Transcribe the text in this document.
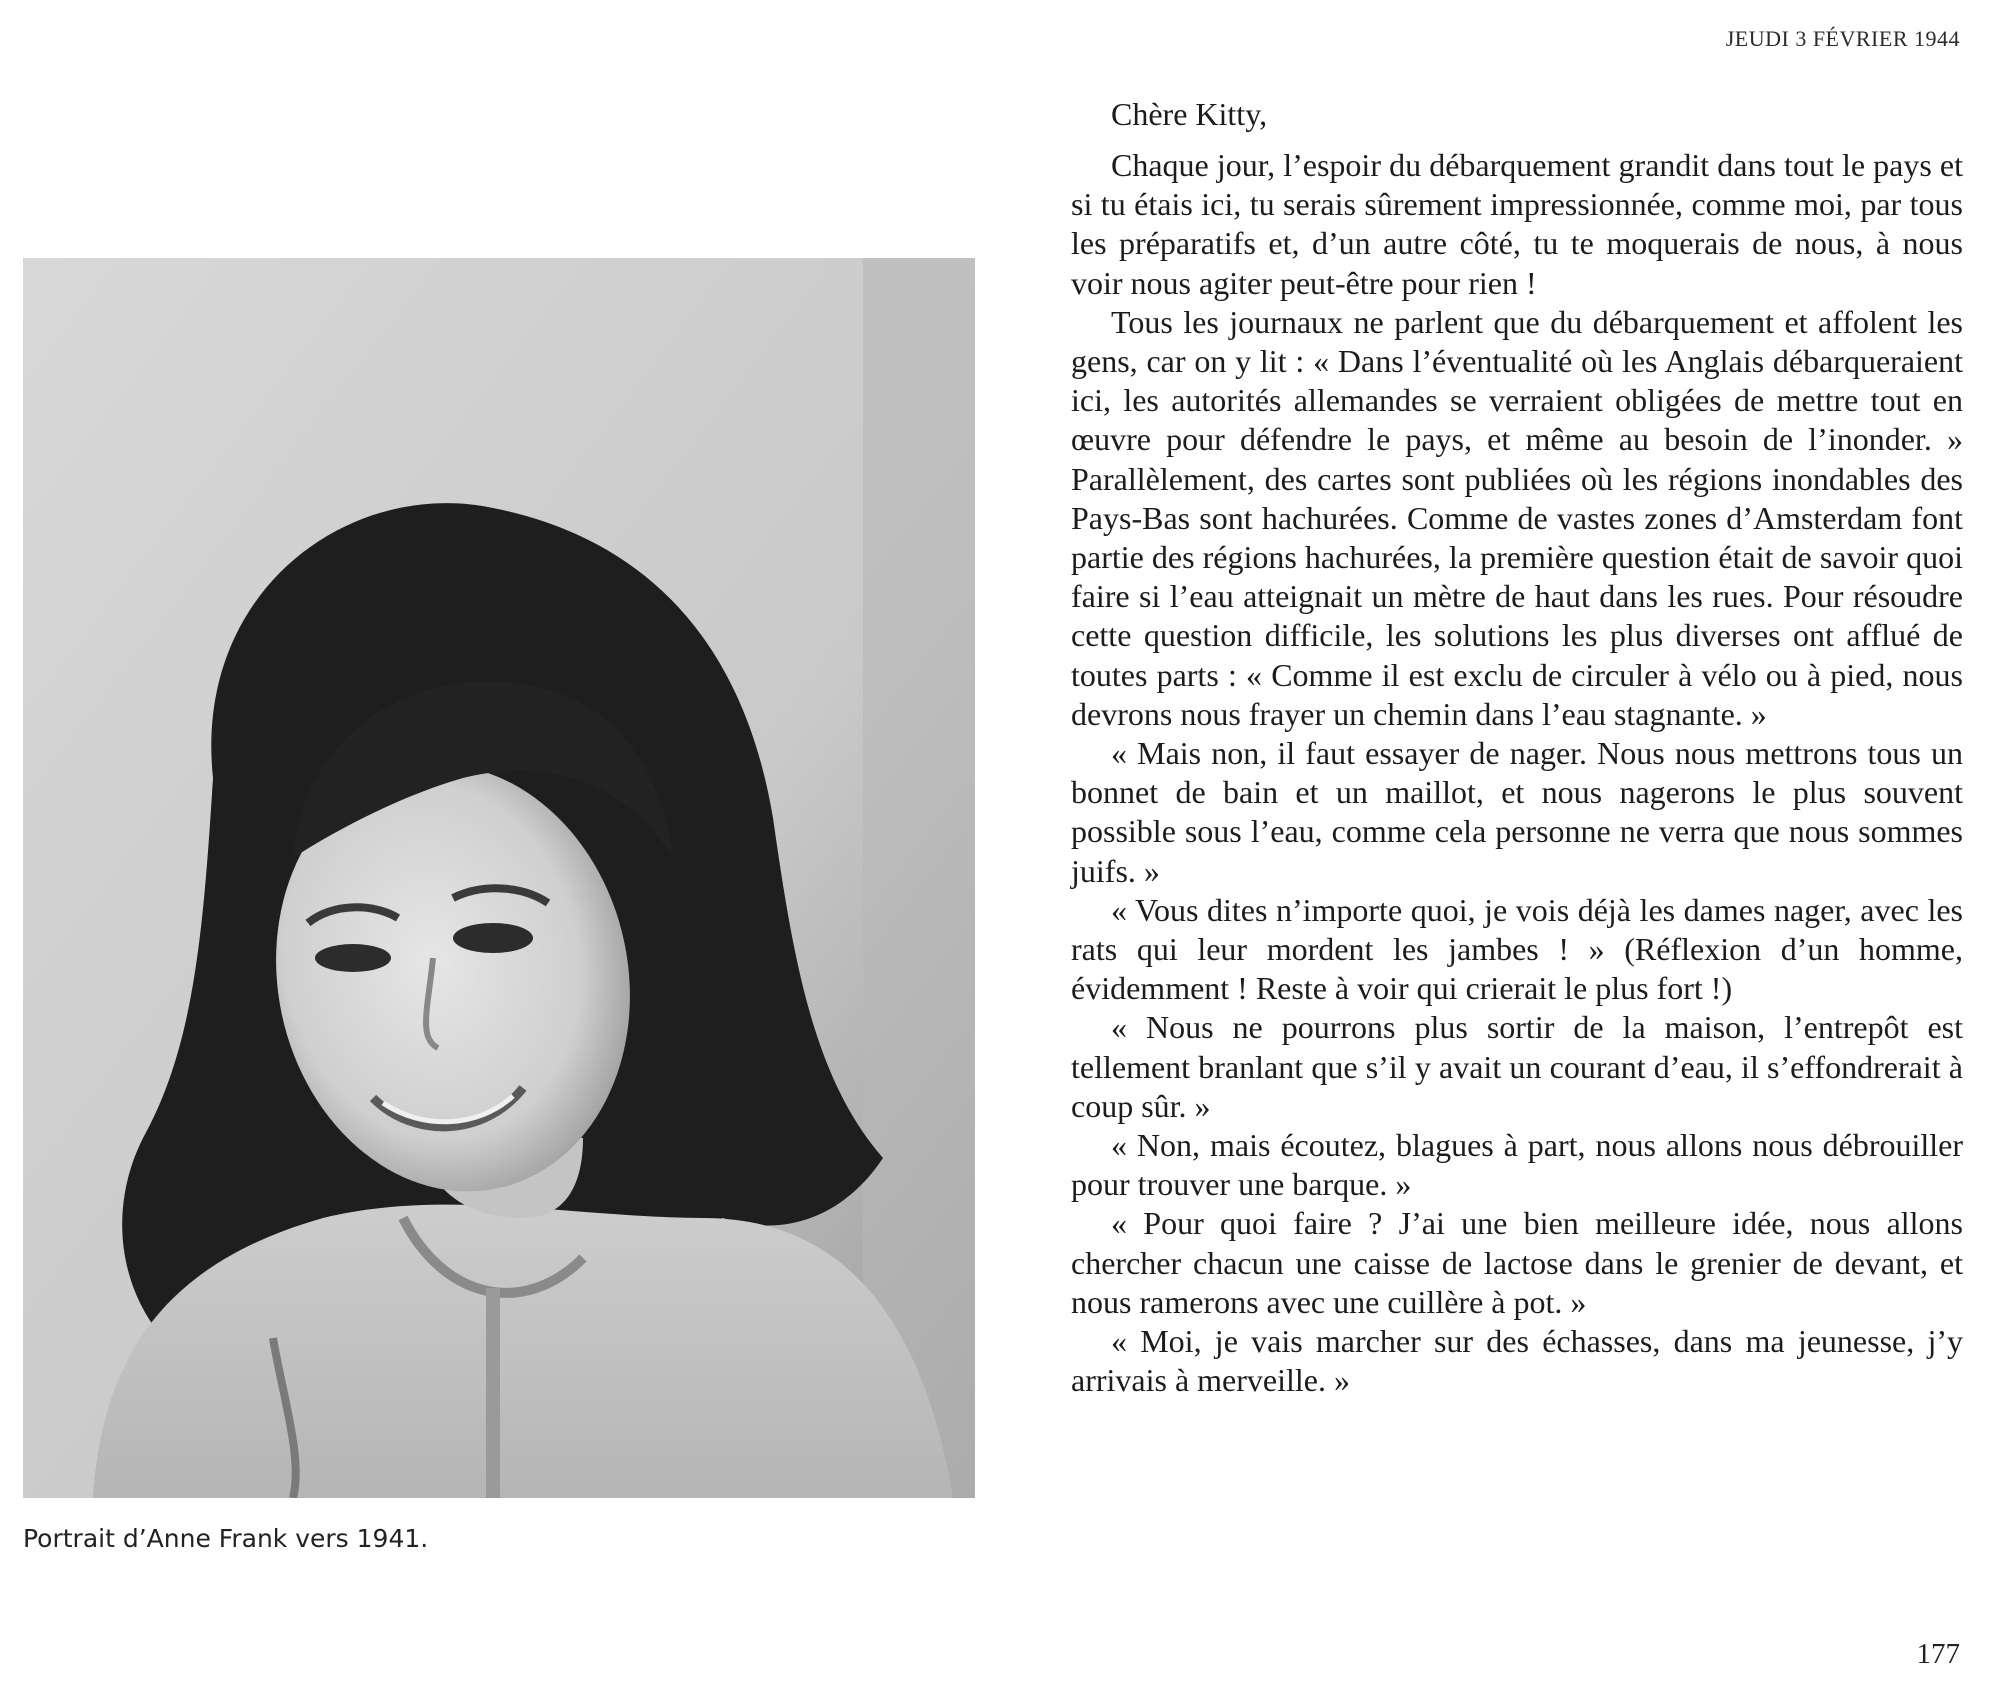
JEUDI 3 FÉVRIER 1944
Portrait d’Anne Frank vers 1941.

Chère Kitty,

Chaque jour, l’espoir du débarquement grandit dans tout le pays et si tu étais ici, tu serais sûrement impressionnée, comme moi, par tous les préparatifs et, d’un autre côté, tu te moquerais de nous, à nous voir nous agiter peut-être pour rien !

Tous les journaux ne parlent que du débarquement et affolent les gens, car on y lit : « Dans l’éventualité où les Anglais débarqueraient ici, les autorités allemandes se verraient obligées de mettre tout en œuvre pour défendre le pays, et même au besoin de l’inonder. » Parallèlement, des cartes sont publiées où les régions inondables des Pays-Bas sont hachurées. Comme de vastes zones d’Amsterdam font partie des régions hachurées, la première question était de savoir quoi faire si l’eau atteignait un mètre de haut dans les rues. Pour résoudre cette question difficile, les solutions les plus diverses ont afflué de toutes parts : « Comme il est exclu de circuler à vélo ou à pied, nous devrons nous frayer un chemin dans l’eau stagnante. »

« Mais non, il faut essayer de nager. Nous nous mettrons tous un bonnet de bain et un maillot, et nous nagerons le plus souvent possible sous l’eau, comme cela personne ne verra que nous sommes juifs. »

« Vous dites n’importe quoi, je vois déjà les dames nager, avec les rats qui leur mordent les jambes ! » (Réflexion d’un homme, évidemment ! Reste à voir qui crierait le plus fort !)

« Nous ne pourrons plus sortir de la maison, l’entrepôt est tellement branlant que s’il y avait un courant d’eau, il s’effondrerait à coup sûr. »

« Non, mais écoutez, blagues à part, nous allons nous débrouiller pour trouver une barque. »

« Pour quoi faire ? J’ai une bien meilleure idée, nous allons chercher chacun une caisse de lactose dans le grenier de devant, et nous ramerons avec une cuillère à pot. »

« Moi, je vais marcher sur des échasses, dans ma jeunesse, j’y arrivais à merveille. »

177
